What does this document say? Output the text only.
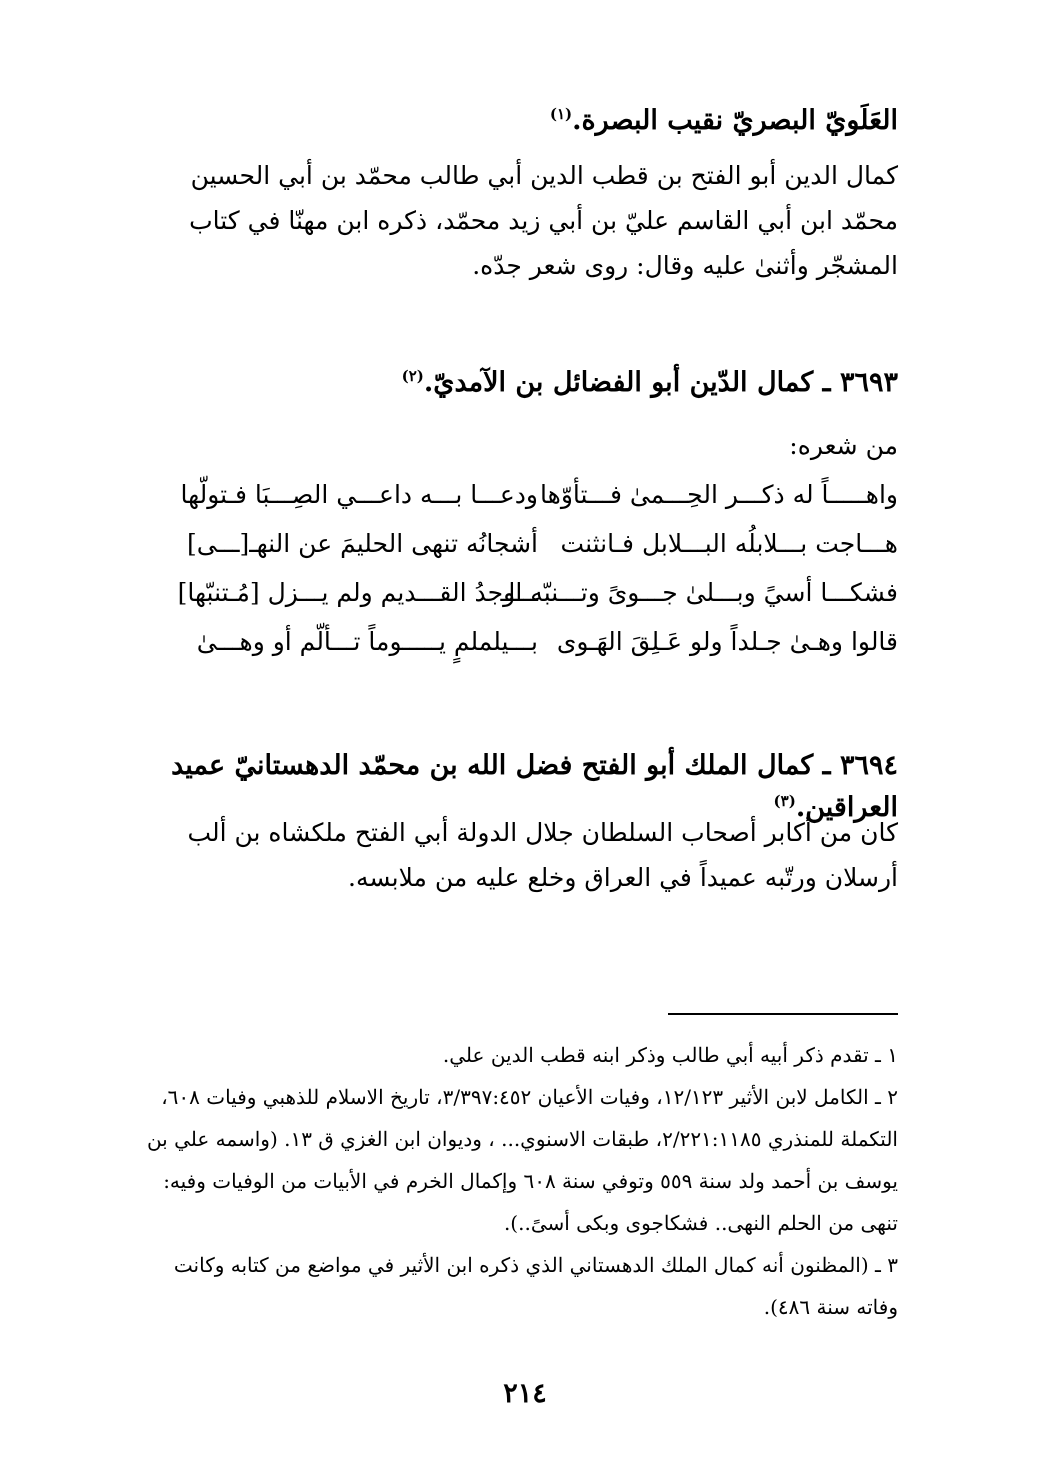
العَلَويّ البصريّ نقيب البصرة.$^{(١)}$
كمال الدين أبو الفتح بن قطب الدين أبي طالب محمّد بن أبي الحسين محمّد ابن أبي القاسم عليّ بن أبي زيد محمّد، ذكره ابن مهنّا في كتاب المشجّر وأثنىٰ عليه وقال: روى شعر جدّه.
٣٦٩٣ ـ كمال الدّين أبو الفضائل بن الآمديّ.$^{(٢)}$
من شعره:
واهـــــاً له ذكـــر الحِـــمىٰ فـــتأوّها
ودعـــا بـــه داعـــي الصِـــبَا فـتولّها
هـــاجت بـــلابلُه البـــلابل فـانثنت
أشجانُه تنهى الحليمَ عن النهـ[ـــى]
فشكـــا أسيً وبـــلىٰ جـــوىً وتـــنبّه الـ
ـــوجدُ القـــديم ولم يـــزل [مُـتنبّها]
قالوا وهـىٰ جـلداً ولو عَـلِقَ الهَـوى
بـــيلملمٍ يـــــوماً تـــألّم أو وهـــىٰ
٣٦٩٤ ـ كمال الملك أبو الفتح فضل الله بن محمّد الدهستانيّ عميد العراقين.$^{(٣)}$
كان من أكابر أصحاب السلطان جلال الدولة أبي الفتح ملكشاه بن ألب أرسلان ورتّبه عميداً في العراق وخلع عليه من ملابسه.
١ ـ تقدم ذكر أبيه أبي طالب وذكر ابنه قطب الدين علي.
٢ ـ الكامل لابن الأثير ١٢/١٢٣، وفيات الأعيان ٣/٣٩٧:٤٥٢، تاريخ الاسلام للذهبي وفيات ٦٠٨، التكملة للمنذري ٢/٢٢١:١١٨٥، طبقات الاسنوي... ، وديوان ابن الغزي ق ١٣. (واسمه علي بن يوسف بن أحمد ولد سنة ٥٥٩ وتوفي سنة ٦٠٨ وإكمال الخرم في الأبيات من الوفيات وفيه: تنهى من الحلم النهى.. فشكاجوى وبكى أسىً..).
٣ ـ (المظنون أنه كمال الملك الدهستاني الذي ذكره ابن الأثير في مواضع من كتابه وكانت وفاته سنة ٤٨٦).
٢١٤
